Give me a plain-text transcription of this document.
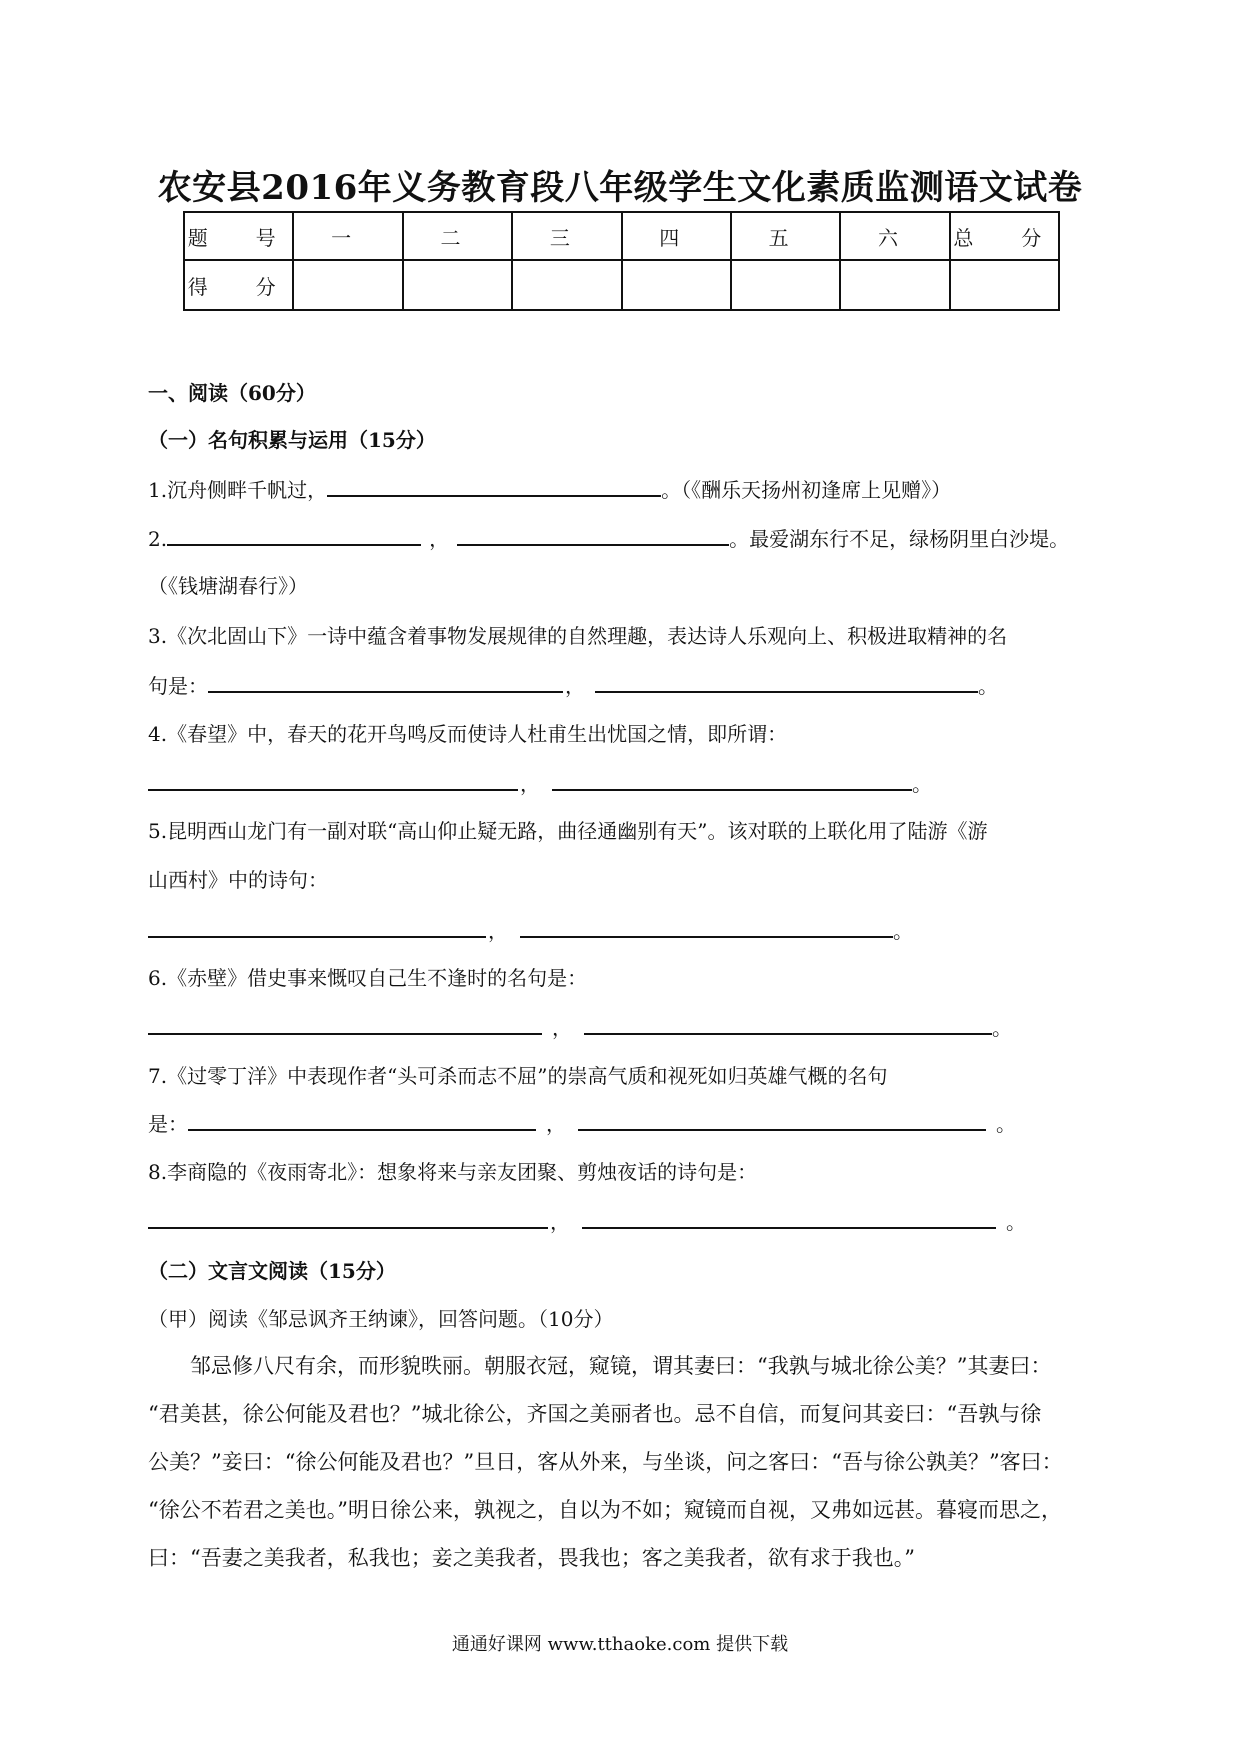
农安县2016年义务教育段八年级学生文化素质监测语文试卷
题　号	一	二	三	四	五	六	总　分
得　分							
一、阅读（60分）
（一）名句积累与运用（15分）
1.沉舟侧畔千帆过，	。（《酬乐天扬州初逢席上见赠》）
2.	，	。最爱湖东行不足，绿杨阴里白沙堤。
（《钱塘湖春行》）
3.《次北固山下》一诗中蕴含着事物发展规律的自然理趣，表达诗人乐观向上、积极进取精神的名
句是：	，	。
4.《春望》中，春天的花开鸟鸣反而使诗人杜甫生出忧国之情，即所谓：
，	。
5.昆明西山龙门有一副对联“高山仰止疑无路，曲径通幽别有天”。该对联的上联化用了陆游《游
山西村》中的诗句：
，	。
6.《赤壁》借史事来慨叹自己生不逢时的名句是：
，	。
7.《过零丁洋》中表现作者“头可杀而志不屈”的崇高气质和视死如归英雄气概的名句
是：	，	。
8.李商隐的《夜雨寄北》：想象将来与亲友团聚、剪烛夜话的诗句是：
，	。
（二）文言文阅读（15分）
（甲）阅读《邹忌讽齐王纳谏》，回答问题。（10分）
　　邹忌修八尺有余，而形貌昳丽。朝服衣冠，窥镜，谓其妻曰：“我孰与城北徐公美？”其妻曰：
“君美甚，徐公何能及君也？”城北徐公，齐国之美丽者也。忌不自信，而复问其妾曰：“吾孰与徐
公美？”妾曰：“徐公何能及君也？”旦日，客从外来，与坐谈，问之客曰：“吾与徐公孰美？”客曰：
“徐公不若君之美也。”明日徐公来，孰视之，自以为不如；窥镜而自视，又弗如远甚。暮寝而思之，
曰：“吾妻之美我者，私我也；妾之美我者，畏我也；客之美我者，欲有求于我也。”
通通好课网 www.tthaoke.com 提供下载
